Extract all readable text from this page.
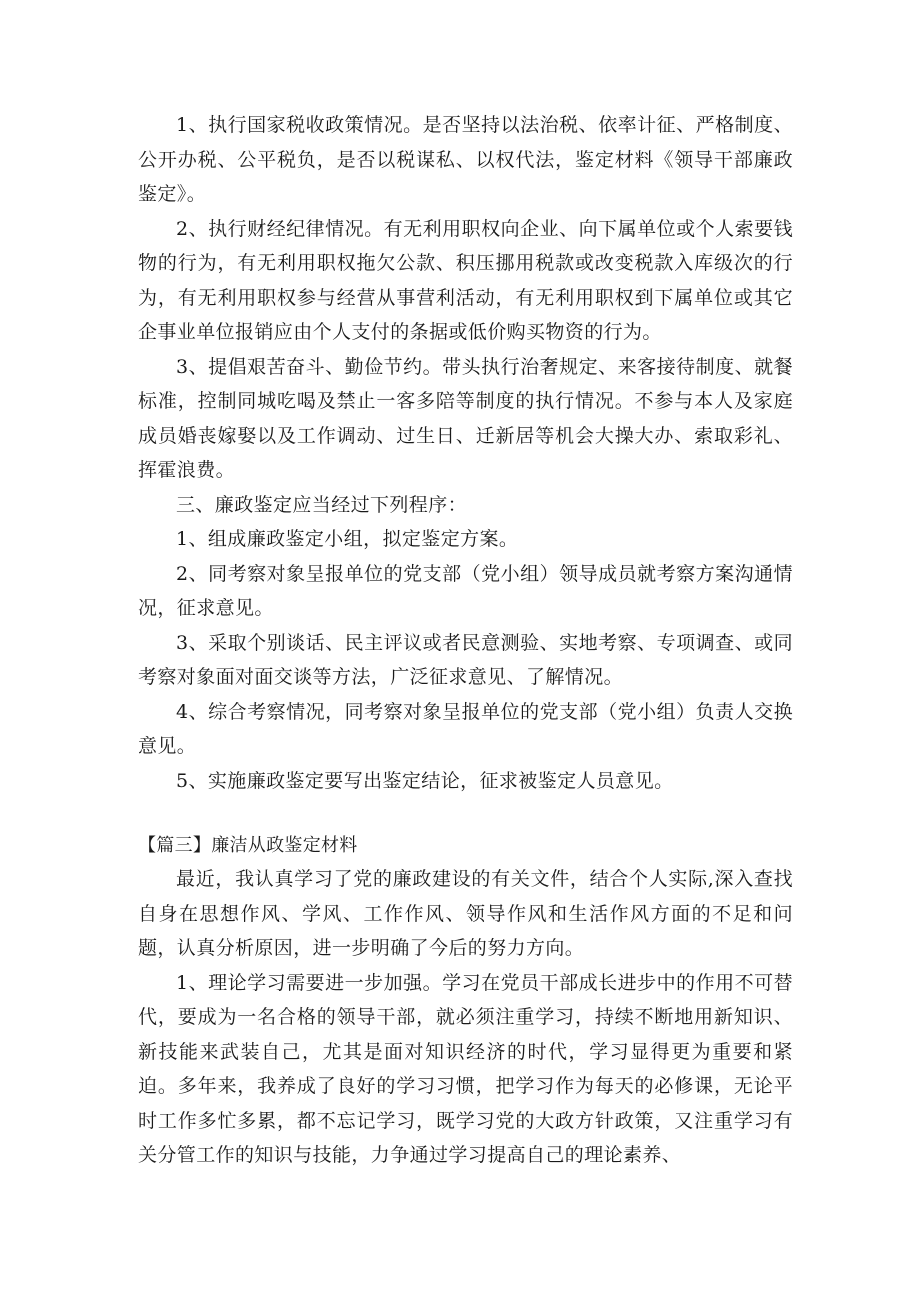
1、执行国家税收政策情况。是否坚持以法治税、依率计征、严格制度、公开办税、公平税负，是否以税谋私、以权代法，鉴定材料《领导干部廉政鉴定》。

2、执行财经纪律情况。有无利用职权向企业、向下属单位或个人索要钱物的行为，有无利用职权拖欠公款、积压挪用税款或改变税款入库级次的行为，有无利用职权参与经营从事营利活动，有无利用职权到下属单位或其它企事业单位报销应由个人支付的条据或低价购买物资的行为。

3、提倡艰苦奋斗、勤俭节约。带头执行治奢规定、来客接待制度、就餐标准，控制同城吃喝及禁止一客多陪等制度的执行情况。不参与本人及家庭成员婚丧嫁娶以及工作调动、过生日、迁新居等机会大操大办、索取彩礼、挥霍浪费。

三、廉政鉴定应当经过下列程序：

1、组成廉政鉴定小组，拟定鉴定方案。

2、同考察对象呈报单位的党支部（党小组）领导成员就考察方案沟通情况，征求意见。

3、采取个别谈话、民主评议或者民意测验、实地考察、专项调查、或同考察对象面对面交谈等方法，广泛征求意见、了解情况。

4、综合考察情况，同考察对象呈报单位的党支部（党小组）负责人交换意见。

5、实施廉政鉴定要写出鉴定结论，征求被鉴定人员意见。

【篇三】廉洁从政鉴定材料

最近，我认真学习了党的廉政建设的有关文件，结合个人实际,深入查找自身在思想作风、学风、工作作风、领导作风和生活作风方面的不足和问题，认真分析原因，进一步明确了今后的努力方向。

1、理论学习需要进一步加强。学习在党员干部成长进步中的作用不可替代，要成为一名合格的领导干部，就必须注重学习，持续不断地用新知识、新技能来武装自己，尤其是面对知识经济的时代，学习显得更为重要和紧迫。多年来，我养成了良好的学习习惯，把学习作为每天的必修课，无论平时工作多忙多累，都不忘记学习，既学习党的大政方针政策，又注重学习有关分管工作的知识与技能，力争通过学习提高自己的理论素养、
